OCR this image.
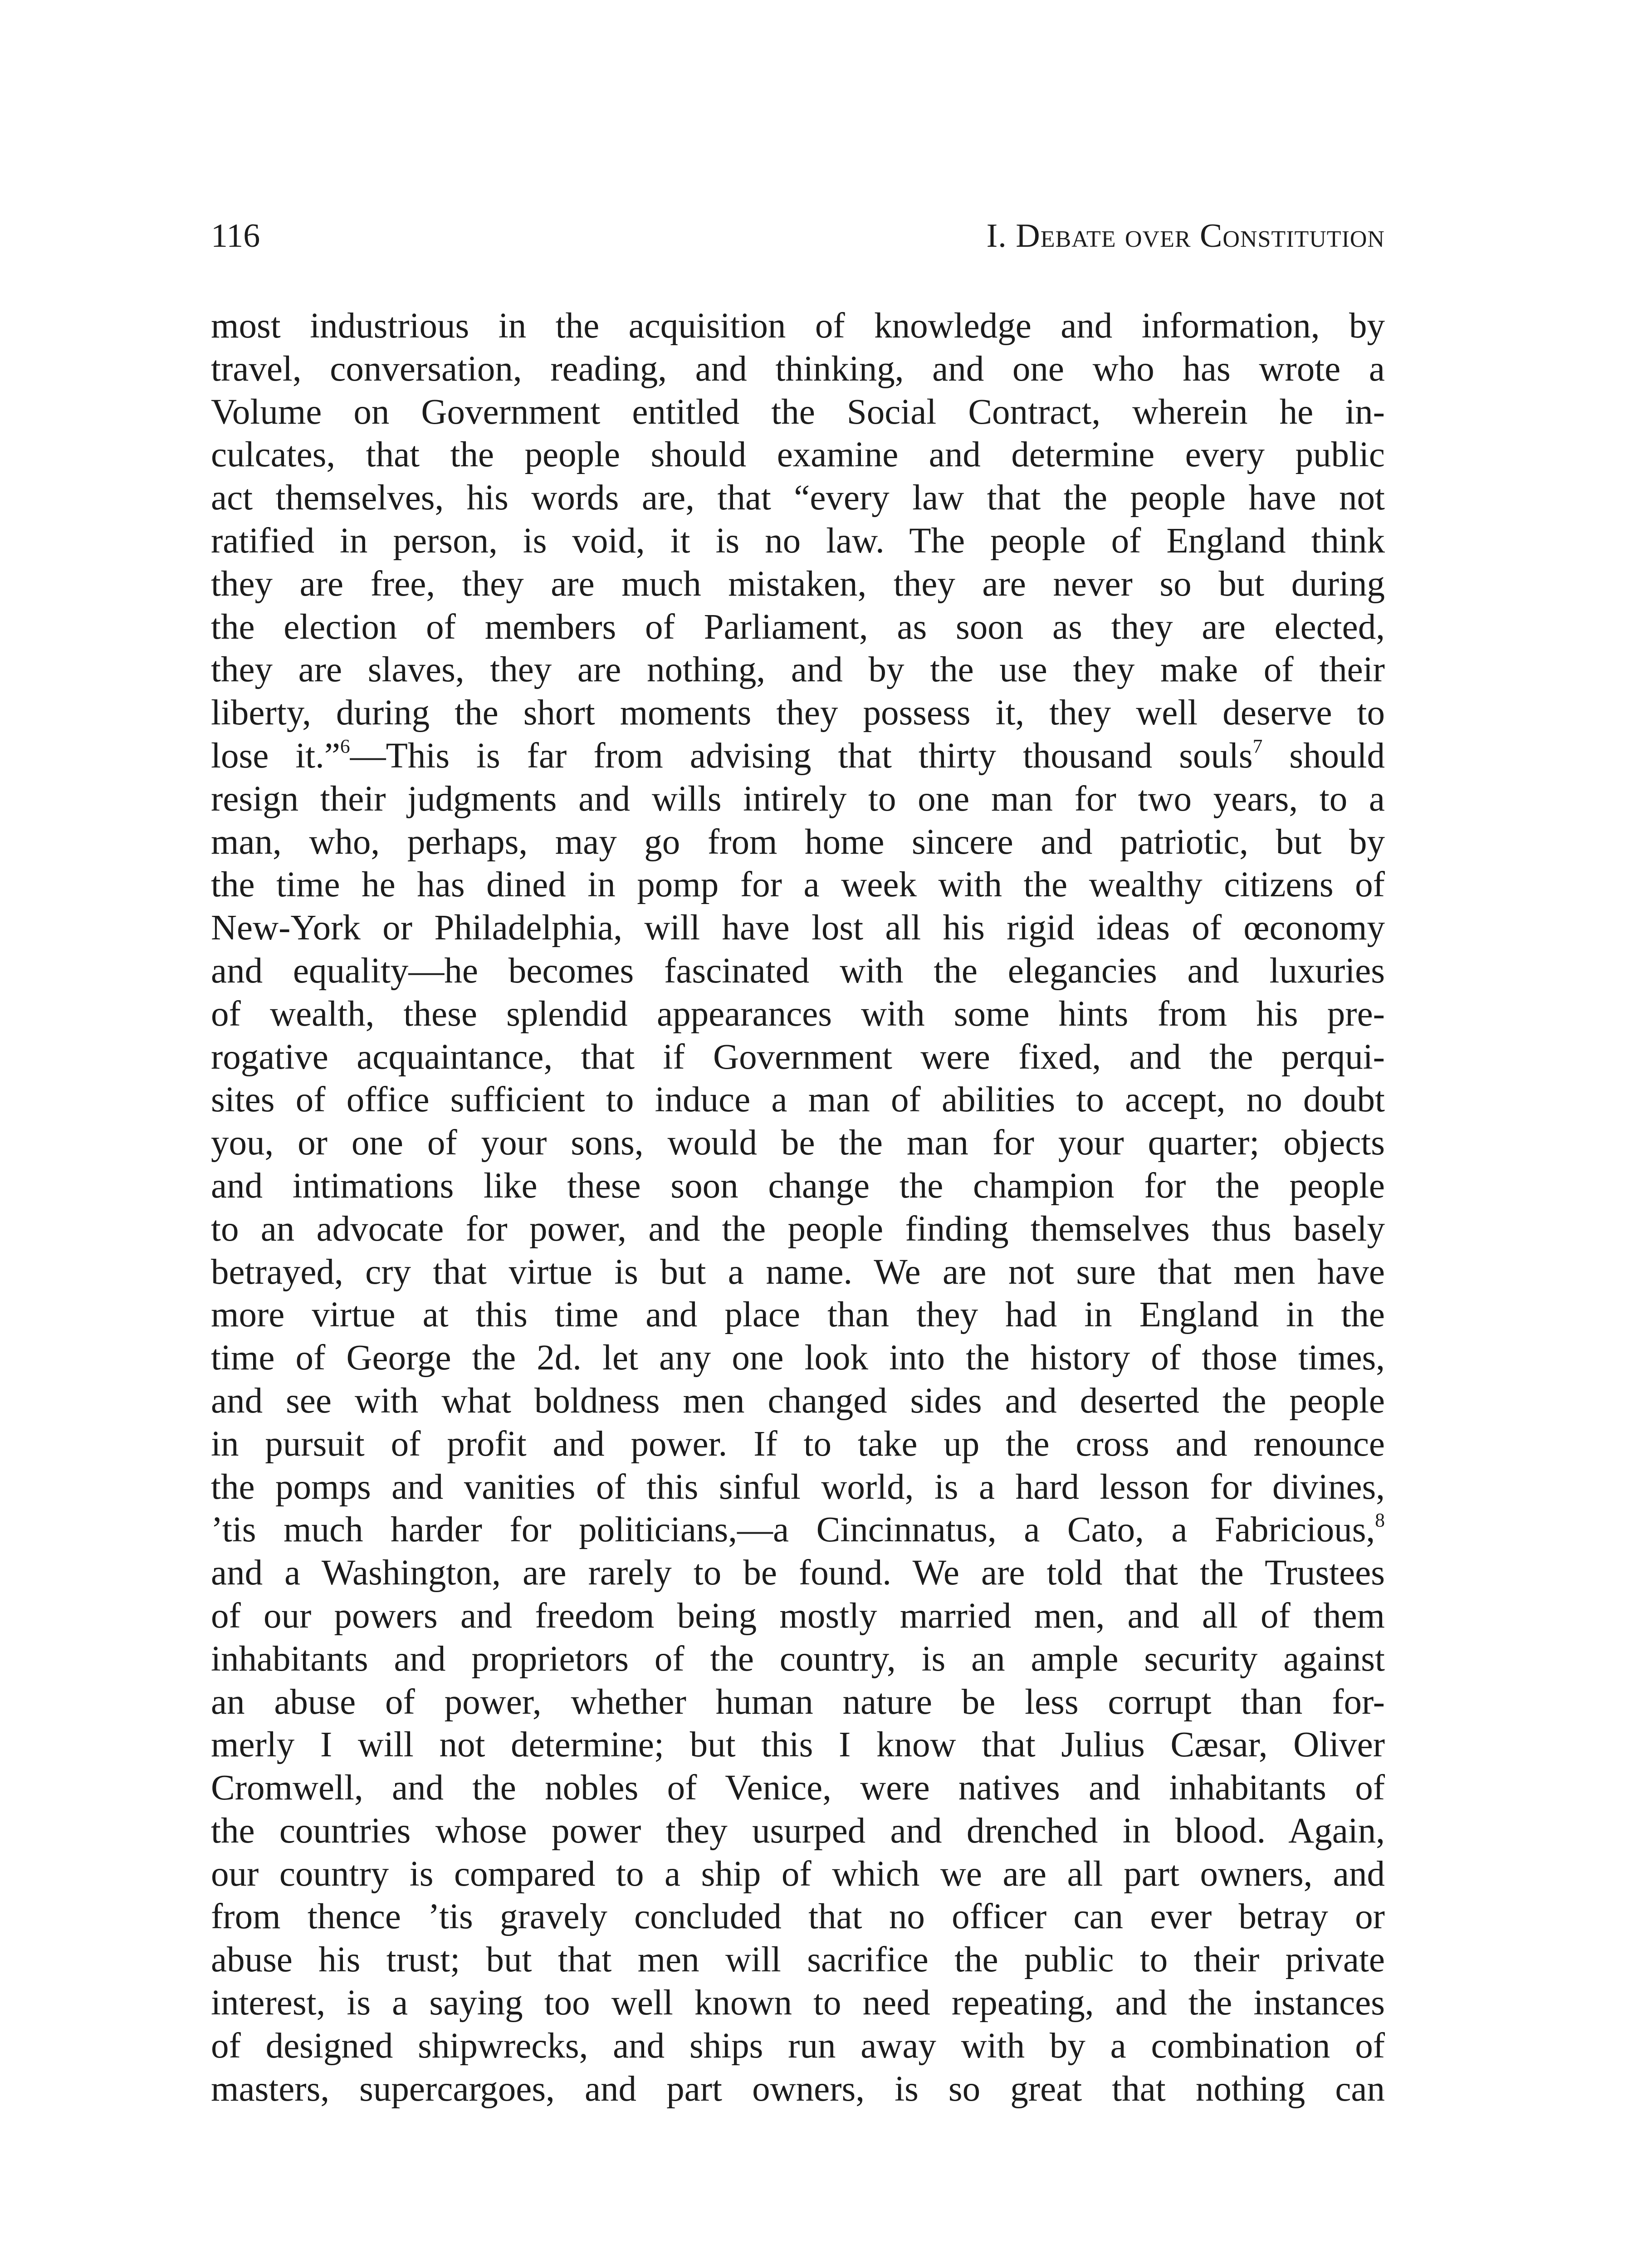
116	I. Debate over Constitution
most industrious in the acquisition of knowledge and information, by
travel, conversation, reading, and thinking, and one who has wrote a
Volume on Government entitled the Social Contract, wherein he in-
culcates, that the people should examine and determine every public
act themselves, his words are, that “every law that the people have not
ratified in person, is void, it is no law. The people of England think
they are free, they are much mistaken, they are never so but during
the election of members of Parliament, as soon as they are elected,
they are slaves, they are nothing, and by the use they make of their
liberty, during the short moments they possess it, they well deserve to
lose it.”$^6$—This is far from advising that thirty thousand souls$^7$ should
resign their judgments and wills intirely to one man for two years, to a
man, who, perhaps, may go from home sincere and patriotic, but by
the time he has dined in pomp for a week with the wealthy citizens of
New-York or Philadelphia, will have lost all his rigid ideas of œconomy
and equality—he becomes fascinated with the elegancies and luxuries
of wealth, these splendid appearances with some hints from his pre-
rogative acquaintance, that if Government were fixed, and the perqui-
sites of office sufficient to induce a man of abilities to accept, no doubt
you, or one of your sons, would be the man for your quarter; objects
and intimations like these soon change the champion for the people
to an advocate for power, and the people finding themselves thus basely
betrayed, cry that virtue is but a name. We are not sure that men have
more virtue at this time and place than they had in England in the
time of George the 2d. let any one look into the history of those times,
and see with what boldness men changed sides and deserted the people
in pursuit of profit and power. If to take up the cross and renounce
the pomps and vanities of this sinful world, is a hard lesson for divines,
’tis much harder for politicians,—a Cincinnatus, a Cato, a Fabricious,$^8$
and a Washington, are rarely to be found. We are told that the Trustees
of our powers and freedom being mostly married men, and all of them
inhabitants and proprietors of the country, is an ample security against
an abuse of power, whether human nature be less corrupt than for-
merly I will not determine; but this I know that Julius Cæsar, Oliver
Cromwell, and the nobles of Venice, were natives and inhabitants of
the countries whose power they usurped and drenched in blood. Again,
our country is compared to a ship of which we are all part owners, and
from thence ’tis gravely concluded that no officer can ever betray or
abuse his trust; but that men will sacrifice the public to their private
interest, is a saying too well known to need repeating, and the instances
of designed shipwrecks, and ships run away with by a combination of
masters, supercargoes, and part owners, is so great that nothing can
